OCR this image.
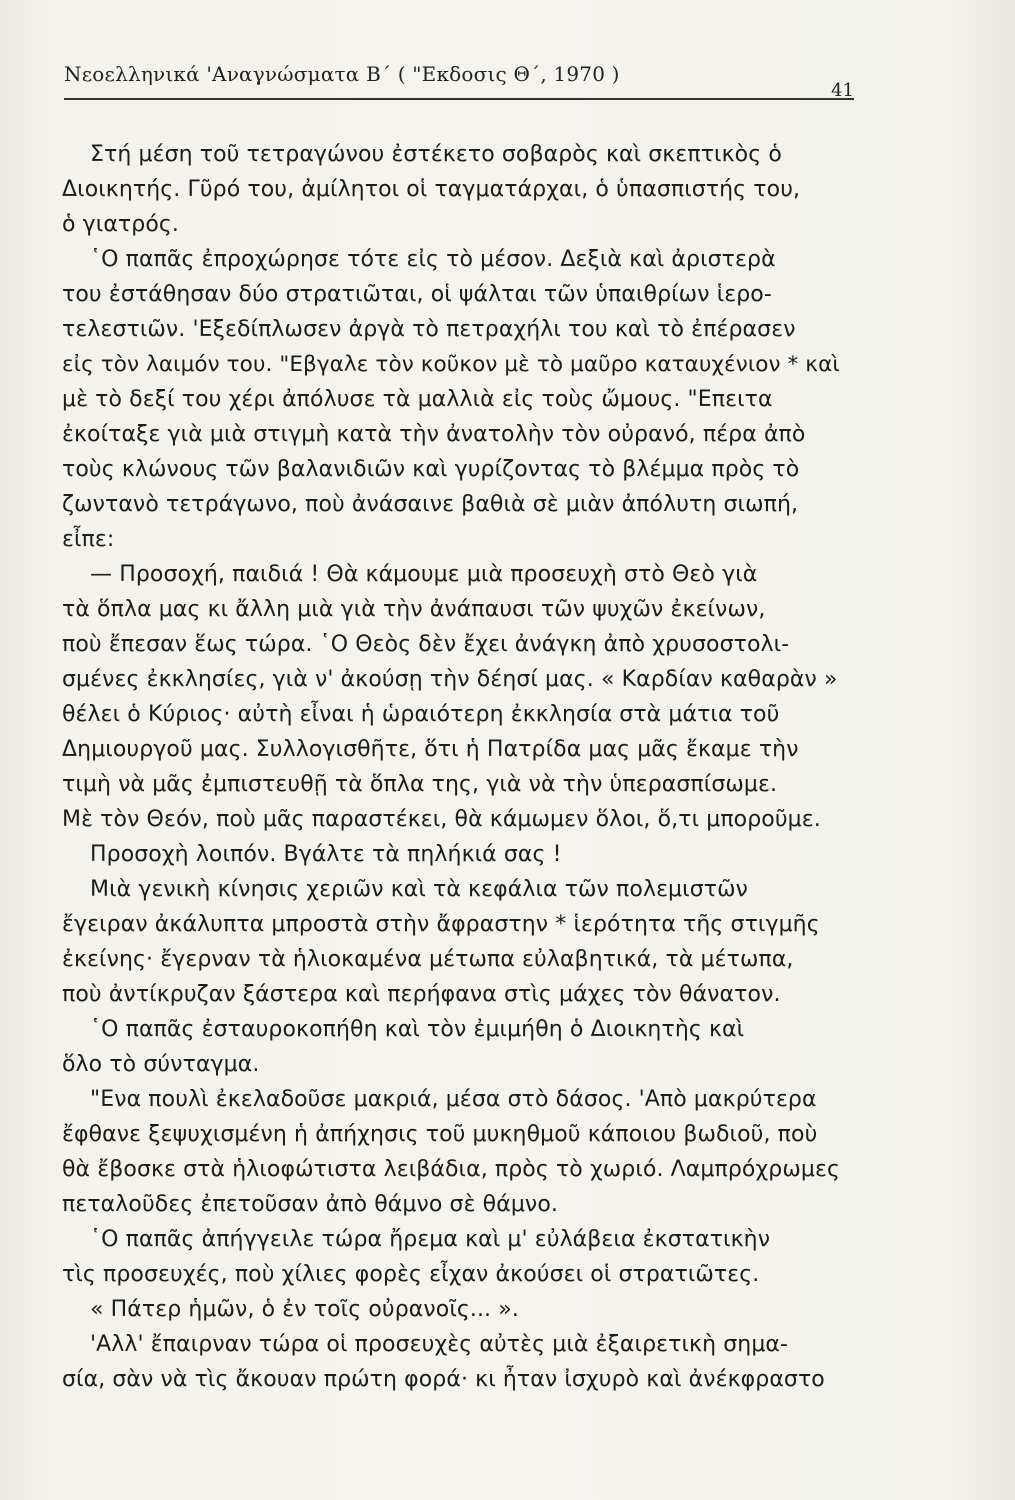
Νεοελληνικά 'Αναγνώσματα Β΄ ( "Εκδοσις Θ΄, 1970 )
41
Στή μέση τοῦ τετραγώνου ἐστέκετο σοβαρὸς καὶ σκεπτικὸς ὁ
Διοικητής. Γῦρό του, ἀμίλητοι οἱ ταγματάρχαι, ὁ ὑπασπιστής του,
ὁ γιατρός.
῾Ο παπᾶς ἐπροχώρησε τότε εἰς τὸ μέσον. Δεξιὰ καὶ ἀριστερὰ
του ἐστάθησαν δύο στρατιῶται, οἱ ψάλται τῶν ὑπαιθρίων ἱερο-
τελεστιῶν. 'Εξεδίπλωσεν ἀργὰ τὸ πετραχήλι του καὶ τὸ ἐπέρασεν
εἰς τὸν λαιμόν του. "Εβγαλε τὸν κοῦκον μὲ τὸ μαῦρο καταυχένιον * καὶ
μὲ τὸ δεξί του χέρι ἀπόλυσε τὰ μαλλιὰ εἰς τοὺς ὤμους. "Επειτα
ἐκοίταξε γιὰ μιὰ στιγμὴ κατὰ τὴν ἀνατολὴν τὸν οὐρανό, πέρα ἀπὸ
τοὺς κλώνους τῶν βαλανιδιῶν καὶ γυρίζοντας τὸ βλέμμα πρὸς τὸ
ζωντανὸ τετράγωνο, ποὺ ἀνάσαινε βαθιὰ σὲ μιὰν ἀπόλυτη σιωπή,
εἶπε:
— Προσοχή, παιδιά ! Θὰ κάμουμε μιὰ προσευχὴ στὸ Θεὸ γιὰ
τὰ ὅπλα μας κι ἄλλη μιὰ γιὰ τὴν ἀνάπαυσι τῶν ψυχῶν ἐκείνων,
ποὺ ἔπεσαν ἕως τώρα. ῾Ο Θεὸς δὲν ἔχει ἀνάγκη ἀπὸ χρυσοστολι-
σμένες ἐκκλησίες, γιὰ ν' ἀκούσῃ τὴν δέησί μας. « Καρδίαν καθαρὰν »
θέλει ὁ Κύριος· αὐτὴ εἶναι ἡ ὡραιότερη ἐκκλησία στὰ μάτια τοῦ
Δημιουργοῦ μας. Συλλογισθῆτε, ὅτι ἡ Πατρίδα μας μᾶς ἔκαμε τὴν
τιμὴ νὰ μᾶς ἐμπιστευθῇ τὰ ὅπλα της, γιὰ νὰ τὴν ὑπερασπίσωμε.
Μὲ τὸν Θεόν, ποὺ μᾶς παραστέκει, θὰ κάμωμεν ὅλοι, ὅ,τι μποροῦμε.
Προσοχὴ λοιπόν. Βγάλτε τὰ πηλήκιά σας !
Μιὰ γενικὴ κίνησις χεριῶν καὶ τὰ κεφάλια τῶν πολεμιστῶν
ἔγειραν ἀκάλυπτα μπροστὰ στὴν ἄφραστην * ἱερότητα τῆς στιγμῆς
ἐκείνης· ἔγερναν τὰ ἡλιοκαμένα μέτωπα εὐλαβητικά, τὰ μέτωπα,
ποὺ ἀντίκρυζαν ξάστερα καὶ περήφανα στὶς μάχες τὸν θάνατον.
῾Ο παπᾶς ἐσταυροκοπήθη καὶ τὸν ἐμιμήθη ὁ Διοικητὴς καὶ
ὅλο τὸ σύνταγμα.
"Ενα πουλὶ ἐκελαδοῦσε μακριά, μέσα στὸ δάσος. 'Απὸ μακρύτερα
ἔφθανε ξεψυχισμένη ἡ ἀπήχησις τοῦ μυκηθμοῦ κάποιου βωδιοῦ, ποὺ
θὰ ἔβοσκε στὰ ἡλιοφώτιστα λειβάδια, πρὸς τὸ χωριό. Λαμπρόχρωμες
πεταλοῦδες ἐπετοῦσαν ἀπὸ θάμνο σὲ θάμνο.
῾Ο παπᾶς ἀπήγγειλε τώρα ἤρεμα καὶ μ' εὐλάβεια ἐκστατικὴν
τὶς προσευχές, ποὺ χίλιες φορὲς εἶχαν ἀκούσει οἱ στρατιῶτες.
« Πάτερ ἡμῶν, ὁ ἐν τοῖς οὐρανοῖς... ».
'Αλλ' ἔπαιρναν τώρα οἱ προσευχὲς αὐτὲς μιὰ ἐξαιρετικὴ σημα-
σία, σὰν νὰ τὶς ἄκουαν πρώτη φορά· κι ἦταν ἰσχυρὸ καὶ ἀνέκφραστο
